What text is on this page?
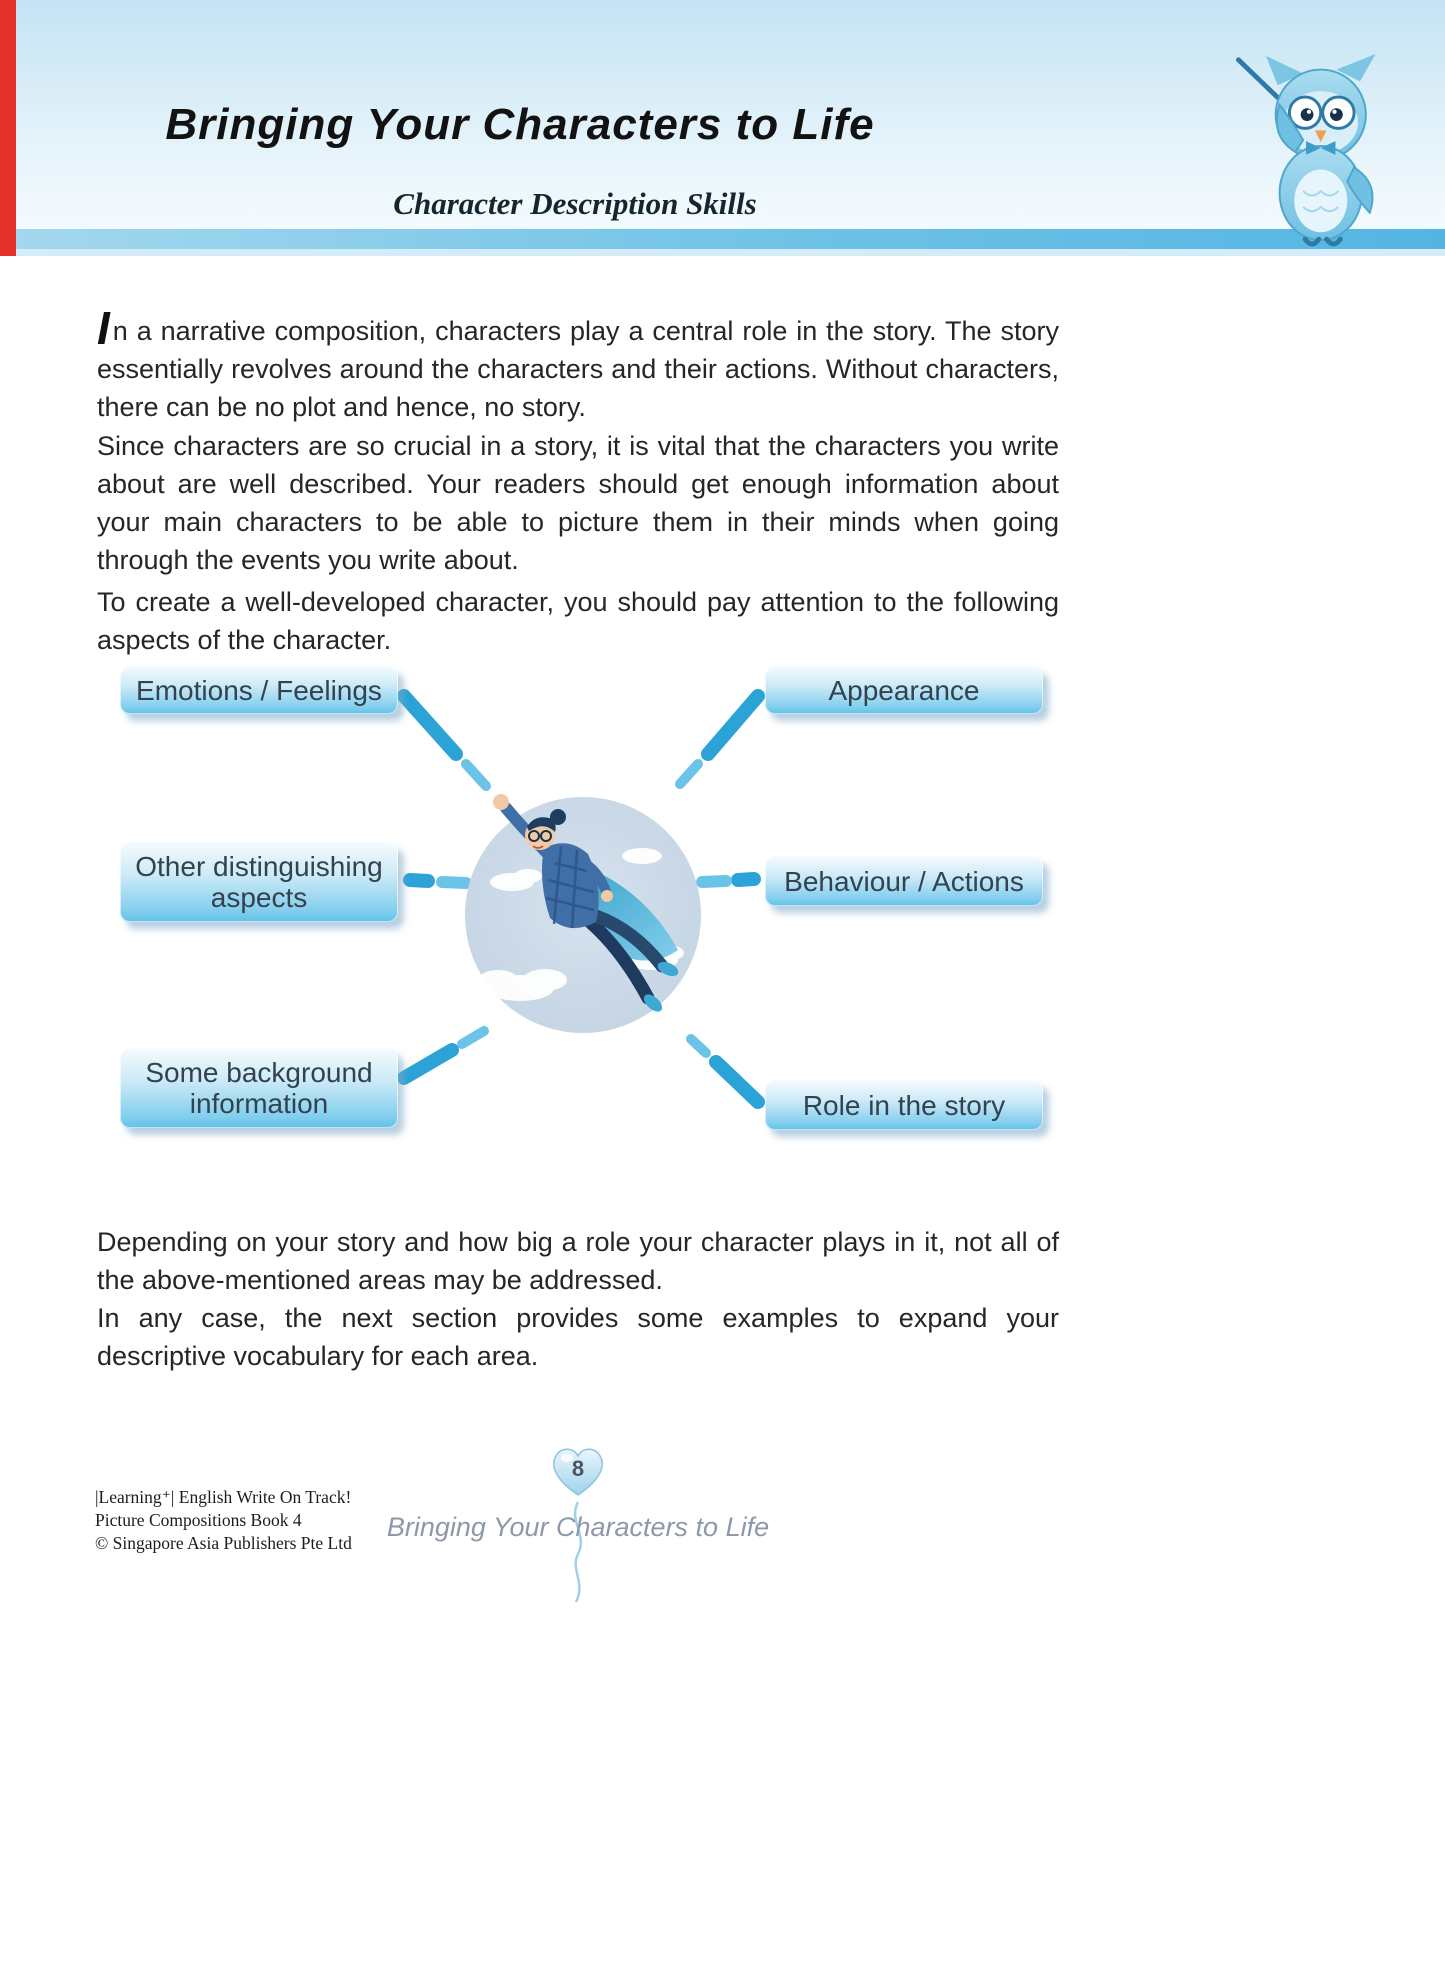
Bringing Your Characters to Life
Character Description Skills

In a narrative composition, characters play a central role in the story. The story essentially revolves around the characters and their actions. Without characters, there can be no plot and hence, no story.

Since characters are so crucial in a story, it is vital that the characters you write about are well described. Your readers should get enough information about your main characters to be able to picture them in their minds when going through the events you write about.

To create a well-developed character, you should pay attention to the following aspects of the character.

Emotions / Feelings	Appearance
Other distinguishing aspects
Behaviour / Actions
Some background information	Role in the story

Depending on your story and how big a role your character plays in it, not all of the above-mentioned areas may be addressed.

In any case, the next section provides some examples to expand your descriptive vocabulary for each area.

|Learning⁺| English Write On Track!
Picture Compositions Book 4
© Singapore Asia Publishers Pte Ltd
8
Bringing Your Characters to Life
